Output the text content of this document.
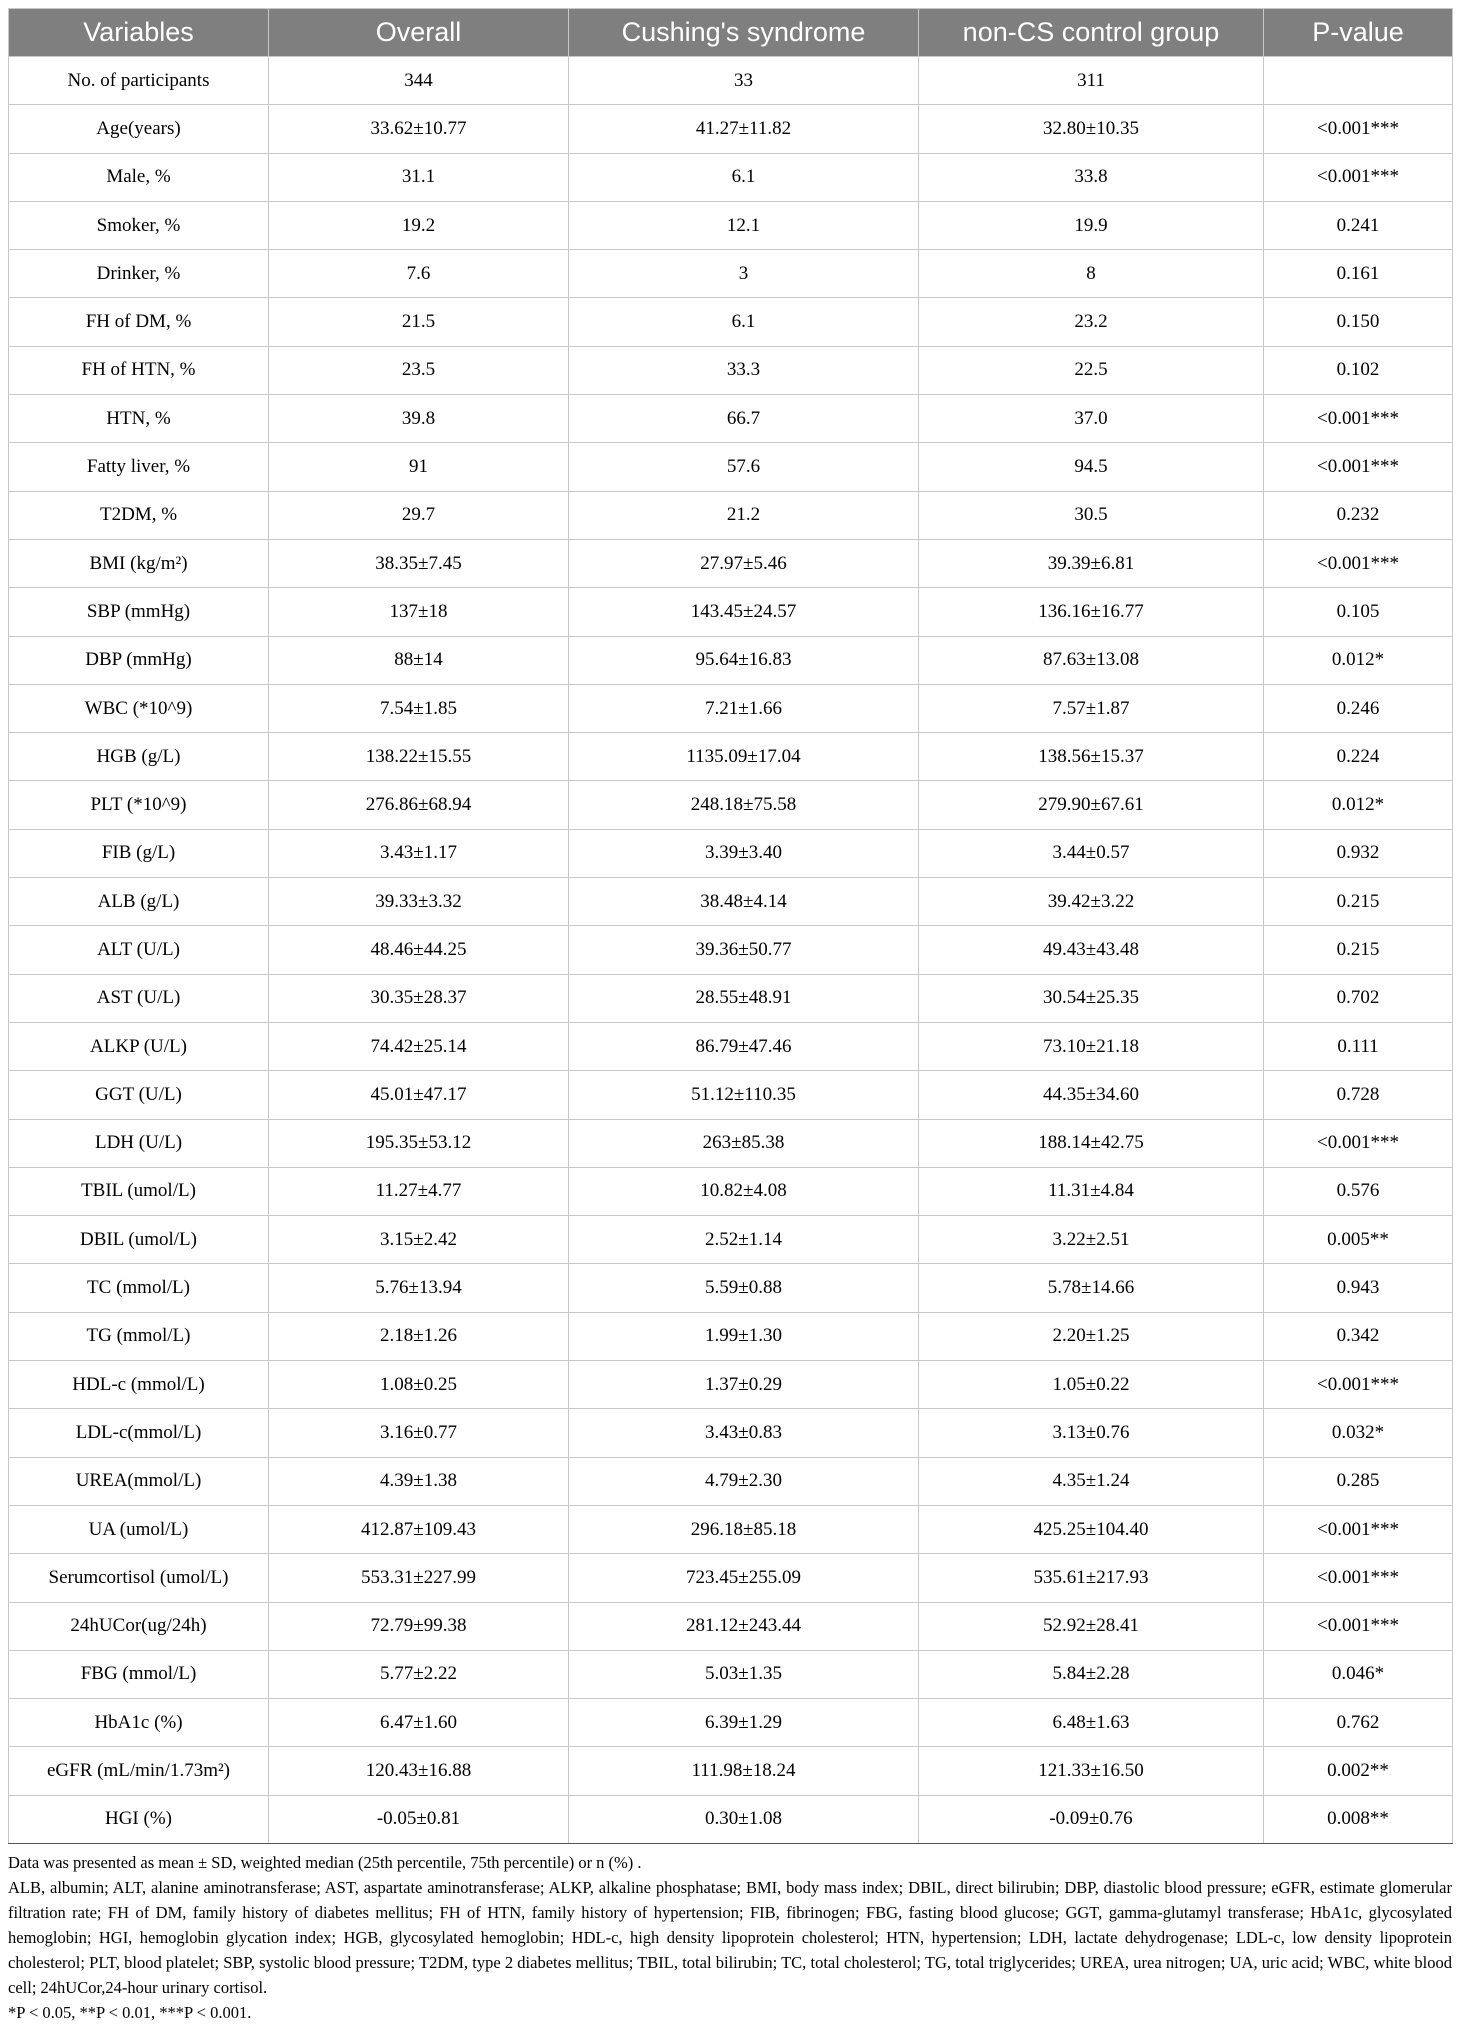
Variables	Overall	Cushing's syndrome	non-CS control group	P-value
No. of participants	344	33	311	
Age(years)	33.62±10.77	41.27±11.82	32.80±10.35	<0.001***
Male, %	31.1	6.1	33.8	<0.001***
Smoker, %	19.2	12.1	19.9	0.241
Drinker, %	7.6	3	8	0.161
FH of DM, %	21.5	6.1	23.2	0.150
FH of HTN, %	23.5	33.3	22.5	0.102
HTN, %	39.8	66.7	37.0	<0.001***
Fatty liver, %	91	57.6	94.5	<0.001***
T2DM, %	29.7	21.2	30.5	0.232
BMI (kg/m²)	38.35±7.45	27.97±5.46	39.39±6.81	<0.001***
SBP (mmHg)	137±18	143.45±24.57	136.16±16.77	0.105
DBP (mmHg)	88±14	95.64±16.83	87.63±13.08	0.012*
WBC (*10^9)	7.54±1.85	7.21±1.66	7.57±1.87	0.246
HGB (g/L)	138.22±15.55	1135.09±17.04	138.56±15.37	0.224
PLT (*10^9)	276.86±68.94	248.18±75.58	279.90±67.61	0.012*
FIB (g/L)	3.43±1.17	3.39±3.40	3.44±0.57	0.932
ALB (g/L)	39.33±3.32	38.48±4.14	39.42±3.22	0.215
ALT (U/L)	48.46±44.25	39.36±50.77	49.43±43.48	0.215
AST (U/L)	30.35±28.37	28.55±48.91	30.54±25.35	0.702
ALKP (U/L)	74.42±25.14	86.79±47.46	73.10±21.18	0.111
GGT (U/L)	45.01±47.17	51.12±110.35	44.35±34.60	0.728
LDH (U/L)	195.35±53.12	263±85.38	188.14±42.75	<0.001***
TBIL (umol/L)	11.27±4.77	10.82±4.08	11.31±4.84	0.576
DBIL (umol/L)	3.15±2.42	2.52±1.14	3.22±2.51	0.005**
TC (mmol/L)	5.76±13.94	5.59±0.88	5.78±14.66	0.943
TG (mmol/L)	2.18±1.26	1.99±1.30	2.20±1.25	0.342
HDL-c (mmol/L)	1.08±0.25	1.37±0.29	1.05±0.22	<0.001***
LDL-c(mmol/L)	3.16±0.77	3.43±0.83	3.13±0.76	0.032*
UREA(mmol/L)	4.39±1.38	4.79±2.30	4.35±1.24	0.285
UA (umol/L)	412.87±109.43	296.18±85.18	425.25±104.40	<0.001***
Serumcortisol (umol/L)	553.31±227.99	723.45±255.09	535.61±217.93	<0.001***
24hUCor(ug/24h)	72.79±99.38	281.12±243.44	52.92±28.41	<0.001***
FBG (mmol/L)	5.77±2.22	5.03±1.35	5.84±2.28	0.046*
HbA1c (%)	6.47±1.60	6.39±1.29	6.48±1.63	0.762
eGFR (mL/min/1.73m²)	120.43±16.88	111.98±18.24	121.33±16.50	0.002**
HGI (%)	-0.05±0.81	0.30±1.08	-0.09±0.76	0.008**

Data was presented as mean ± SD, weighted median (25th percentile, 75th percentile) or n (%) .

ALB, albumin; ALT, alanine aminotransferase; AST, aspartate aminotransferase; ALKP, alkaline phosphatase; BMI, body mass index; DBIL, direct bilirubin; DBP, diastolic blood pressure; eGFR, estimate glomerular filtration rate; FH of DM, family history of diabetes mellitus; FH of HTN, family history of hypertension; FIB, fibrinogen; FBG, fasting blood glucose; GGT, gamma-glutamyl transferase; HbA1c, glycosylated hemoglobin; HGI, hemoglobin glycation index; HGB, glycosylated hemoglobin; HDL-c, high density lipoprotein cholesterol; HTN, hypertension; LDH, lactate dehydrogenase; LDL-c, low density lipoprotein cholesterol; PLT, blood platelet; SBP, systolic blood pressure; T2DM, type 2 diabetes mellitus; TBIL, total bilirubin; TC, total cholesterol; TG, total triglycerides; UREA, urea nitrogen; UA, uric acid; WBC, white blood cell; 24hUCor,24-hour urinary cortisol.

*P < 0.05, **P < 0.01, ***P < 0.001.
